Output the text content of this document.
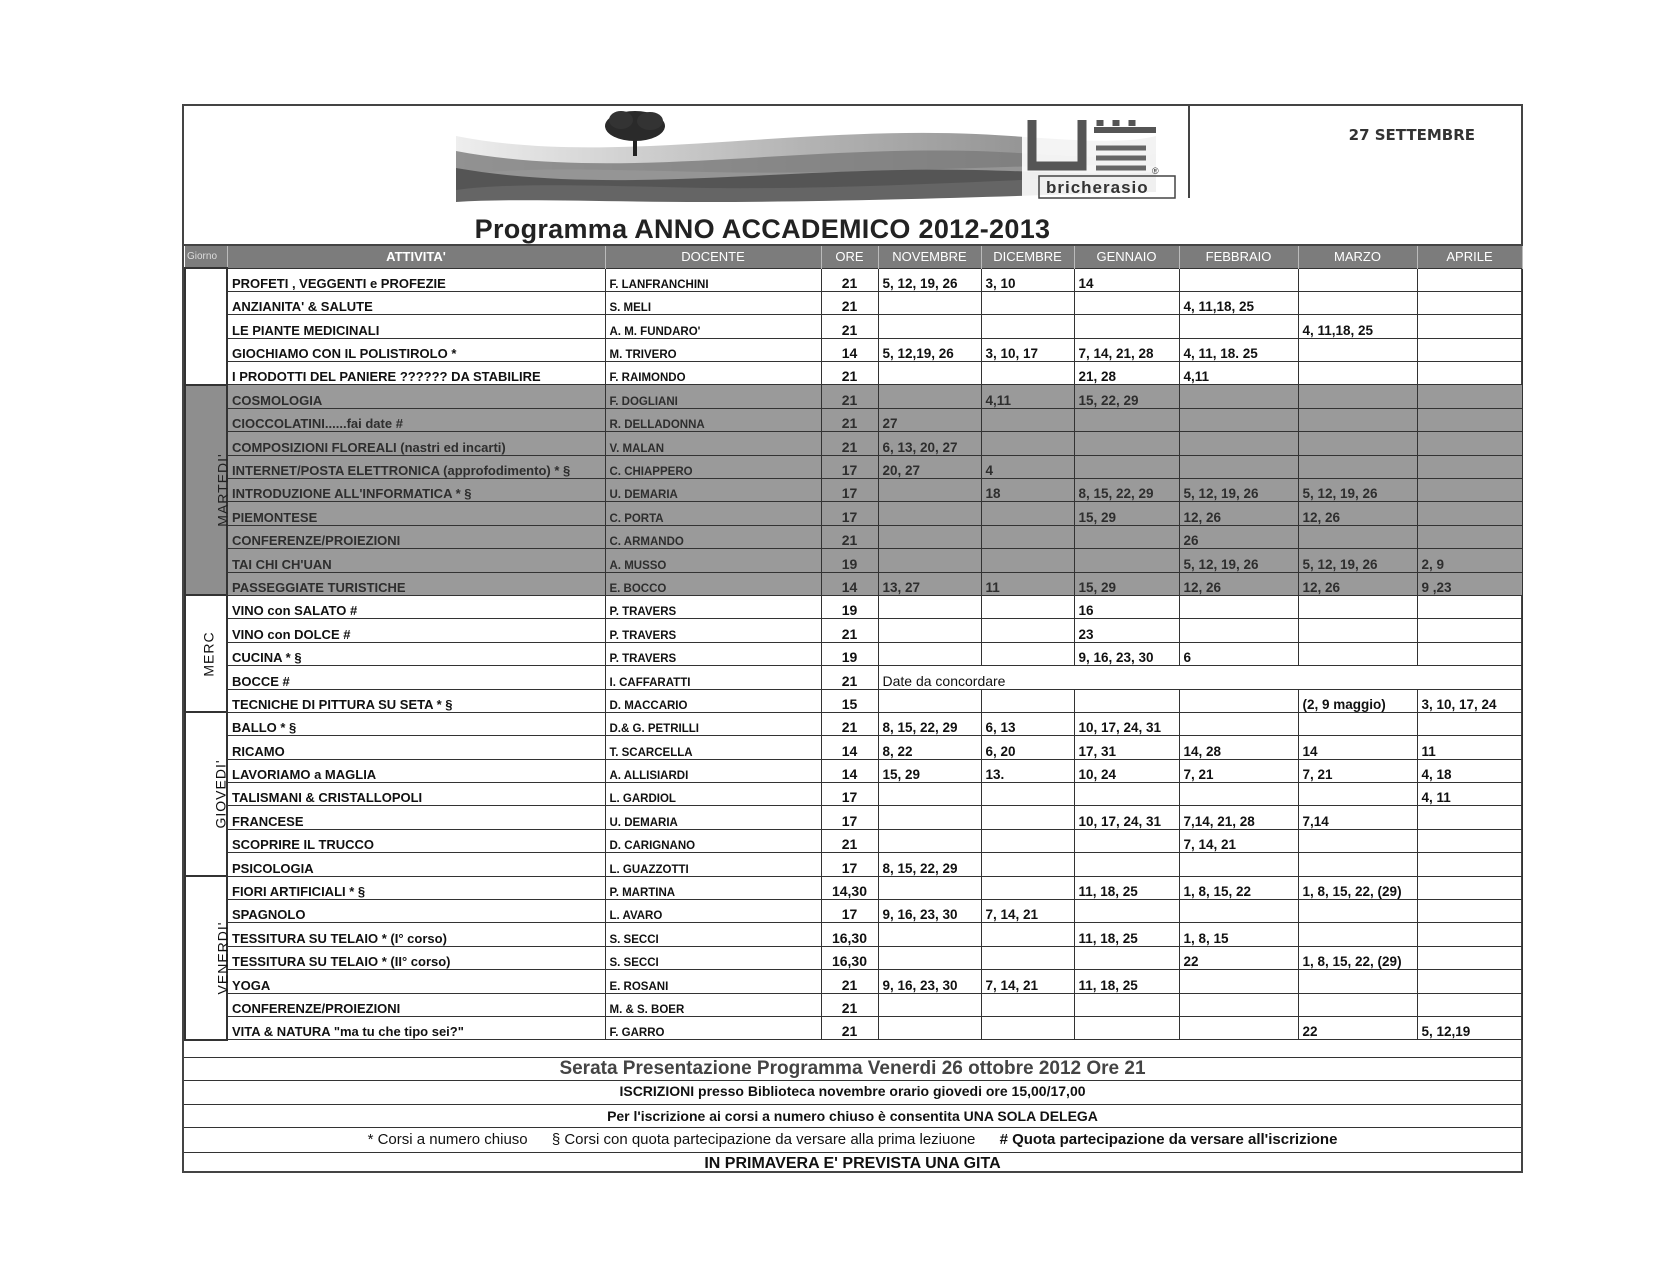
®
bricherasio
27 SETTEMBRE
Programma ANNO ACCADEMICO 2012-2013
Giorno	ATTIVITA'	DOCENTE	ORE	NOVEMBRE	DICEMBRE	GENNAIO	FEBBRAIO	MARZO	APRILE
	PROFETI , VEGGENTI e PROFEZIE	F. LANFRANCHINI	21	5, 12, 19, 26	3, 10	14			
	ANZIANITA' & SALUTE	S. MELI	21				4, 11,18, 25		
	LE PIANTE MEDICINALI	A. M. FUNDARO'	21					4, 11,18, 25	
	GIOCHIAMO CON IL POLISTIROLO *	M. TRIVERO	14	5, 12,19, 26	3, 10, 17	7, 14, 21, 28	4, 11, 18. 25		
	I PRODOTTI DEL PANIERE ?????? DA STABILIRE	F. RAIMONDO	21			21, 28	4,11		
MARTEDI'	COSMOLOGIA	F. DOGLIANI	21		4,11	15, 22, 29			
	CIOCCOLATINI......fai date #	R. DELLADONNA	21	27					
	COMPOSIZIONI FLOREALI (nastri ed incarti)	V. MALAN	21	6, 13, 20, 27					
	INTERNET/POSTA ELETTRONICA (approfodimento) * §	C. CHIAPPERO	17	20, 27	4				
	INTRODUZIONE ALL'INFORMATICA * §	U. DEMARIA	17		18	8, 15, 22, 29	5, 12, 19, 26	5, 12, 19, 26	
	PIEMONTESE	C. PORTA	17			15, 29	12, 26	12, 26	
	CONFERENZE/PROIEZIONI	C. ARMANDO	21				26		
	TAI CHI CH'UAN	A. MUSSO	19				5, 12, 19, 26	5, 12, 19, 26	2, 9
	PASSEGGIATE TURISTICHE	E. BOCCO	14	13, 27	11	15, 29	12, 26	12, 26	9 ,23
MERC	VINO con SALATO #	P. TRAVERS	19			16			
	VINO con DOLCE #	P. TRAVERS	21			23			
	CUCINA * §	P. TRAVERS	19			9, 16, 23, 30	6		
	BOCCE #	I. CAFFARATTI	21	Date da concordare					
	TECNICHE DI PITTURA SU SETA * §	D. MACCARIO	15					(2, 9 maggio)	3, 10, 17, 24
GIOVEDI'	BALLO * §	D.& G. PETRILLI	21	8, 15, 22, 29	6, 13	10, 17, 24, 31			
	RICAMO	T. SCARCELLA	14	8, 22	6, 20	17, 31	14, 28	14	11
	LAVORIAMO a MAGLIA	A. ALLISIARDI	14	15, 29	13.	10, 24	7, 21	7, 21	4, 18
	TALISMANI & CRISTALLOPOLI	L. GARDIOL	17						4, 11
	FRANCESE	U. DEMARIA	17			10, 17, 24, 31	7,14, 21, 28	7,14	
	SCOPRIRE IL TRUCCO	D. CARIGNANO	21				7, 14, 21		
	PSICOLOGIA	L. GUAZZOTTI	17	8, 15, 22, 29					
VENERDI'	FIORI ARTIFICIALI * §	P. MARTINA	14,30			11, 18, 25	1, 8, 15, 22	1, 8, 15, 22, (29)	
	SPAGNOLO	L. AVARO	17	9, 16, 23, 30	7, 14, 21				
	TESSITURA SU TELAIO * (I° corso)	S. SECCI	16,30			11, 18, 25	1, 8, 15		
	TESSITURA SU TELAIO * (II° corso)	S. SECCI	16,30				22	1, 8, 15, 22, (29)	
	YOGA	E. ROSANI	21	9, 16, 23, 30	7, 14, 21	11, 18, 25			
	CONFERENZE/PROIEZIONI	M. & S. BOER	21						
	VITA & NATURA "ma tu che tipo sei?"	F. GARRO	21					22	5, 12,19
Serata Presentazione Programma Venerdi 26 ottobre 2012 Ore 21
ISCRIZIONI presso Biblioteca novembre orario giovedi ore 15,00/17,00
Per l'iscrizione ai corsi a numero chiuso è consentita UNA SOLA DELEGA
* Corsi a numero chiuso § Corsi con quota partecipazione da versare alla prima leziuone # Quota partecipazione da versare all'iscrizione
IN PRIMAVERA E' PREVISTA UNA GITA
